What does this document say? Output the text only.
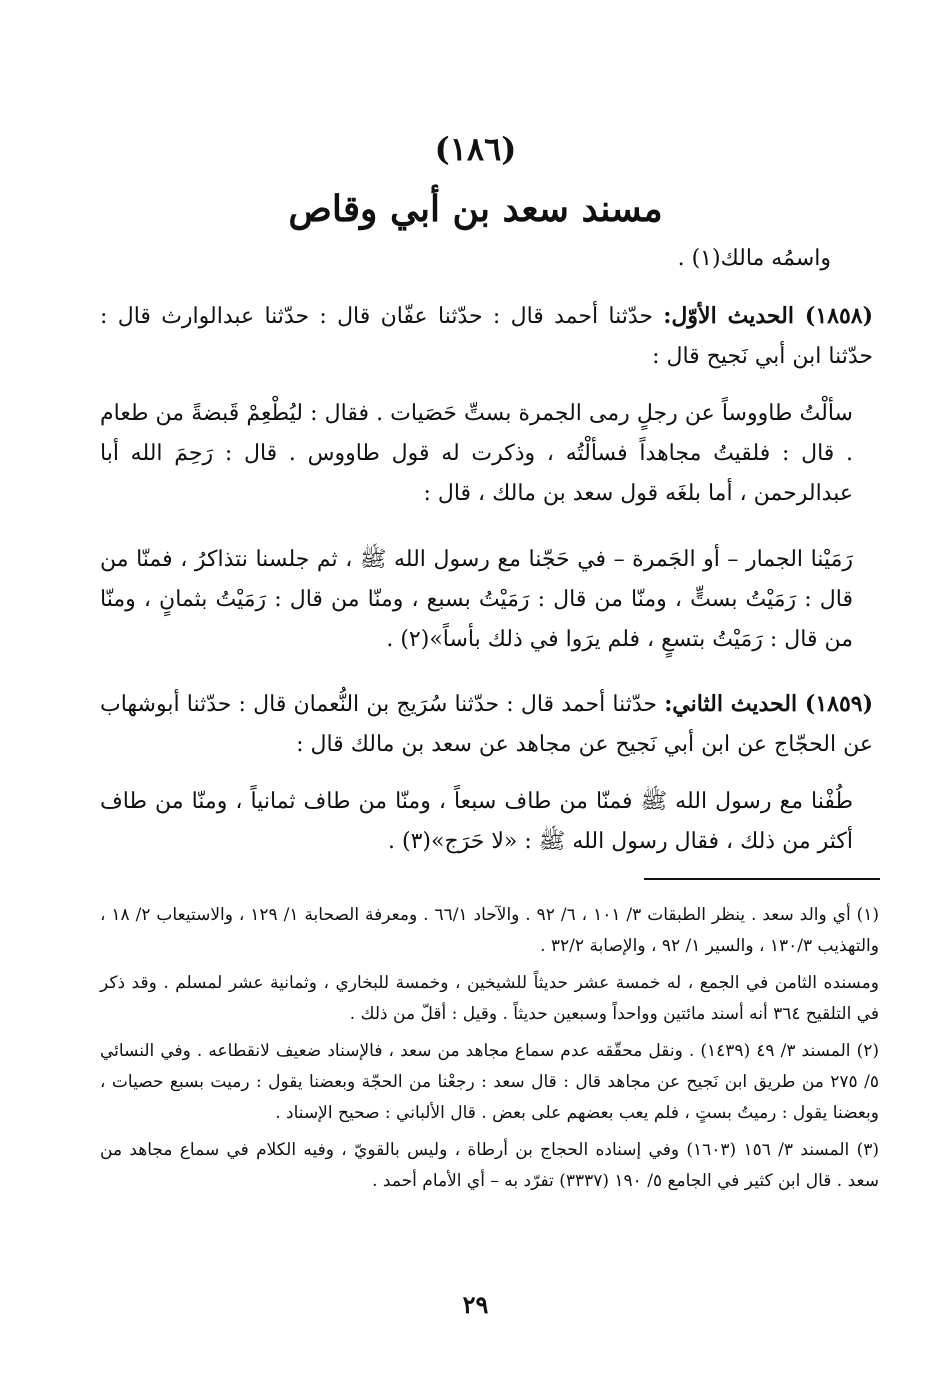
(١٨٦)
مسند سعد بن أبي وقاص
واسمُه مالك(١) .

(١٨٥٨) الحديث الأوّل: حدّثنا أحمد قال : حدّثنا عفّان قال : حدّثنا عبدالوارث قال : حدّثنا ابن أبي نَجيح قال :

سألْتُ طاووساً عن رجلٍ رمى الجمرة بستِّ حَصَيات . فقال : ليُطْعِمْ قَبضةً من طعام . قال : فلقيتُ مجاهداً فسألْتُه ، وذكرت له قول طاووس . قال : رَحِمَ الله أبا عبدالرحمن ، أما بلغَه قول سعد بن مالك ، قال :

رَمَيْنا الجمار – أو الجَمرة – في حَجّنا مع رسول الله ﷺ ، ثم جلسنا نتذاكرُ ، فمنّا من قال : رَمَيْتُ بستٍّ ، ومنّا من قال : رَمَيْتُ بسبع ، ومنّا من قال : رَمَيْتُ بثمانٍ ، ومنّا من قال : رَمَيْتُ بتسعٍ ، فلم يرَوا في ذلك بأساً»(٢) .

(١٨٥٩) الحديث الثاني: حدّثنا أحمد قال : حدّثنا سُرَيج بن النُّعمان قال : حدّثنا أبوشهاب عن الحجّاج عن ابن أبي نَجيح عن مجاهد عن سعد بن مالك قال :

طُفْنا مع رسول الله ﷺ فمنّا من طاف سبعاً ، ومنّا من طاف ثمانياً ، ومنّا من طاف أكثر من ذلك ، فقال رسول الله ﷺ : «لا حَرَج»(٣) .

(١) أي والد سعد . ينظر الطبقات ٣/ ١٠١ ، ٦/ ٩٢ . والآحاد ٦٦/١ . ومعرفة الصحابة ١/ ١٢٩ ، والاستيعاب ٢/ ١٨ ، والتهذيب ١٣٠/٣ ، والسير ١/ ٩٢ ، والإصابة ٣٢/٢ .

ومسنده الثامن في الجمع ، له خمسة عشر حديثاً للشيخين ، وخمسة للبخاري ، وثمانية عشر لمسلم . وقد ذكر في التلقيح ٣٦٤ أنه أسند مائتين وواحداً وسبعين حديثاً . وقيل : أقلّ من ذلك .

(٢) المسند ٣/ ٤٩ (١٤٣٩) . ونقل محقّقه عدم سماع مجاهد من سعد ، فالإسناد ضعيف لانقطاعه . وفي النسائي ٥/ ٢٧٥ من طريق ابن نَجيح عن مجاهد قال : قال سعد : رجعْنا من الحجّة وبعضنا يقول : رميت بسبع حصيات ، وبعضنا يقول : رميتُ بستٍ ، فلم يعب بعضهم على بعض . قال الألباني : صحيح الإسناد .

(٣) المسند ٣/ ١٥٦ (١٦٠٣) وفي إسناده الحجاج بن أرطاة ، وليس بالقويّ ، وفيه الكلام في سماع مجاهد من سعد . قال ابن كثير في الجامع ٥/ ١٩٠ (٣٣٣٧) تفرّد به – أي الأمام أحمد .

٢٩
